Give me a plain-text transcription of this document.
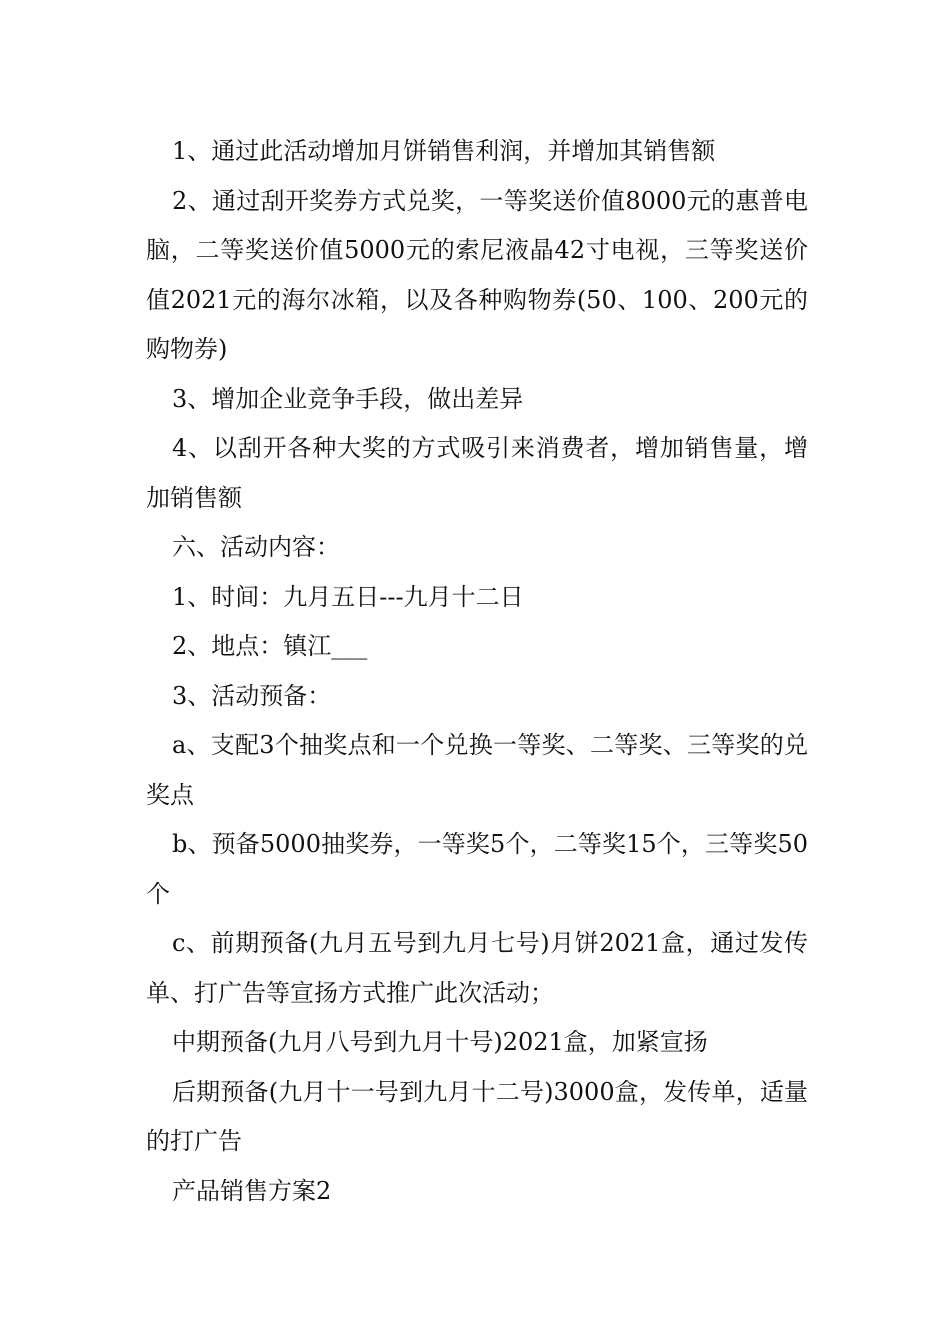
1、通过此活动增加月饼销售利润，并增加其销售额

2、通过刮开奖券方式兑奖，一等奖送价值8000元的惠普电脑，二等奖送价值5000元的索尼液晶42寸电视，三等奖送价值2021元的海尔冰箱，以及各种购物券(50、100、200元的购物券)

3、增加企业竞争手段，做出差异

4、以刮开各种大奖的方式吸引来消费者，增加销售量，增加销售额

六、活动内容：

1、时间：九月五日---九月十二日

2、地点：镇江___

3、活动预备：

a、支配3个抽奖点和一个兑换一等奖、二等奖、三等奖的兑奖点

b、预备5000抽奖券，一等奖5个，二等奖15个，三等奖50个

c、前期预备(九月五号到九月七号)月饼2021盒，通过发传单、打广告等宣扬方式推广此次活动；

中期预备(九月八号到九月十号)2021盒，加紧宣扬

后期预备(九月十一号到九月十二号)3000盒，发传单，适量的打广告

产品销售方案2
